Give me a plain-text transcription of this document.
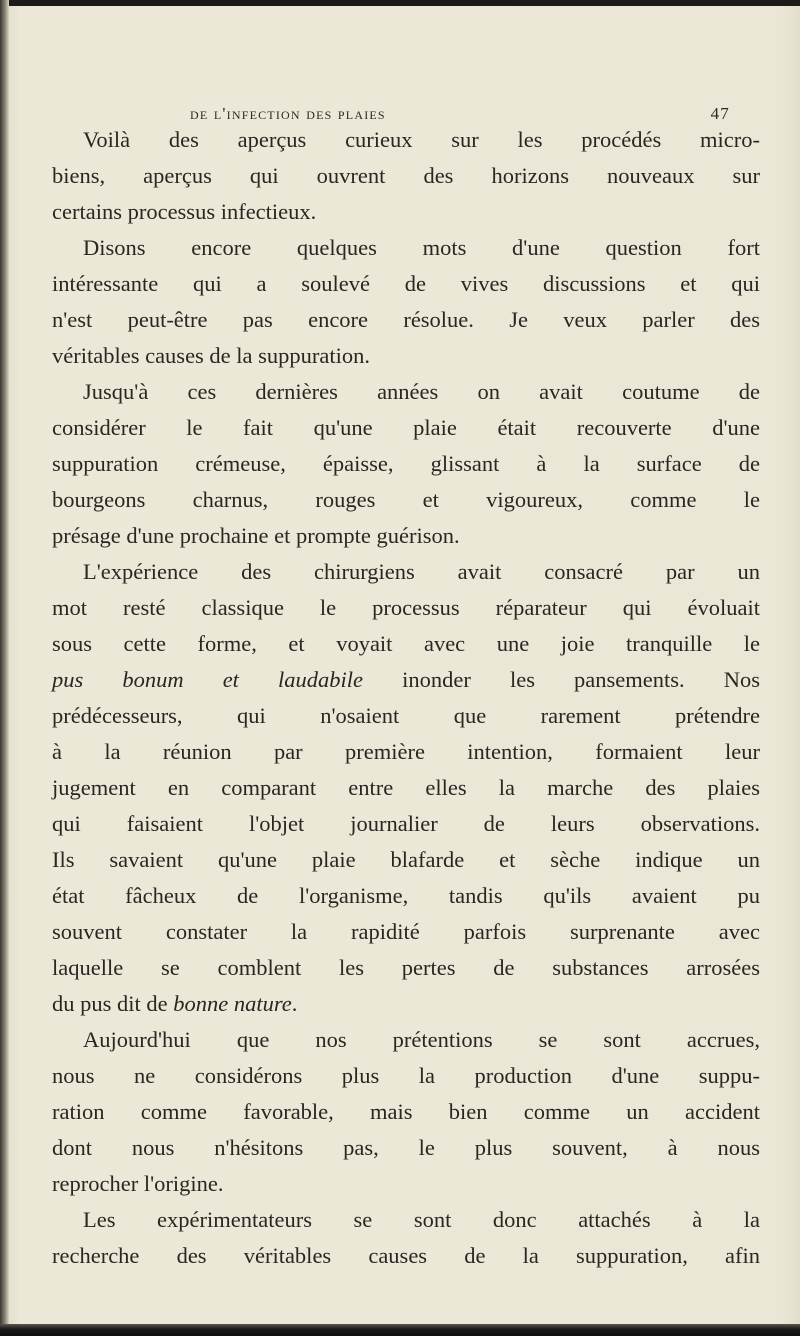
de l'infection des plaies	47
Voilà des aperçus curieux sur les procédés micro-
biens, aperçus qui ouvrent des horizons nouveaux sur
certains processus infectieux.
Disons encore quelques mots d'une question fort
intéressante qui a soulevé de vives discussions et qui
n'est peut-être pas encore résolue. Je veux parler des
véritables causes de la suppuration.
Jusqu'à ces dernières années on avait coutume de
considérer le fait qu'une plaie était recouverte d'une
suppuration crémeuse, épaisse, glissant à la surface de
bourgeons charnus, rouges et vigoureux, comme le
présage d'une prochaine et prompte guérison.
L'expérience des chirurgiens avait consacré par un
mot resté classique le processus réparateur qui évoluait
sous cette forme, et voyait avec une joie tranquille le
pus bonum et laudabile inonder les pansements. Nos
prédécesseurs, qui n'osaient que rarement prétendre
à la réunion par première intention, formaient leur
jugement en comparant entre elles la marche des plaies
qui faisaient l'objet journalier de leurs observations.
Ils savaient qu'une plaie blafarde et sèche indique un
état fâcheux de l'organisme, tandis qu'ils avaient pu
souvent constater la rapidité parfois surprenante avec
laquelle se comblent les pertes de substances arrosées
du pus dit de bonne nature.
Aujourd'hui que nos prétentions se sont accrues,
nous ne considérons plus la production d'une suppu-
ration comme favorable, mais bien comme un accident
dont nous n'hésitons pas, le plus souvent, à nous
reprocher l'origine.
Les expérimentateurs se sont donc attachés à la
recherche des véritables causes de la suppuration, afin
